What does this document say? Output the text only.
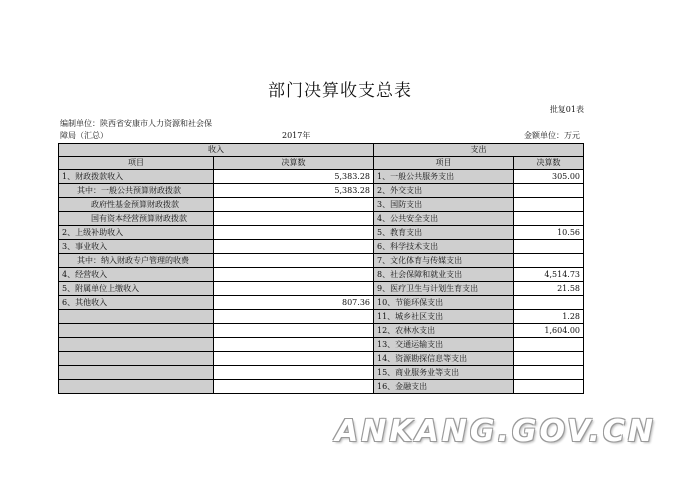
部门决算收支总表
批复01表
编制单位：陕西省安康市人力资源和社会保
障局（汇总）	2017年	金额单位：万元
收入		支出	
项目	决算数	项目	决算数
1、财政拨款收入	5,383.28	1、一般公共服务支出	305.00
其中：一般公共预算财政拨款	5,383.28	2、外交支出	
政府性基金预算财政拨款		3、国防支出	
国有资本经营预算财政拨款		4、公共安全支出	
2、上级补助收入		5、教育支出	10.56
3、事业收入		6、科学技术支出	
其中：纳入财政专户管理的收费		7、文化体育与传媒支出	
4、经营收入		8、社会保障和就业支出	4,514.73
5、附属单位上缴收入		9、医疗卫生与计划生育支出	21.58
6、其他收入	807.36	10、节能环保支出	
		11、城乡社区支出	1.28
		12、农林水支出	1,604.00
		13、交通运输支出	
		14、资源勘探信息等支出	
		15、商业服务业等支出	
		16、金融支出	
ANKANG.GOV.CN
